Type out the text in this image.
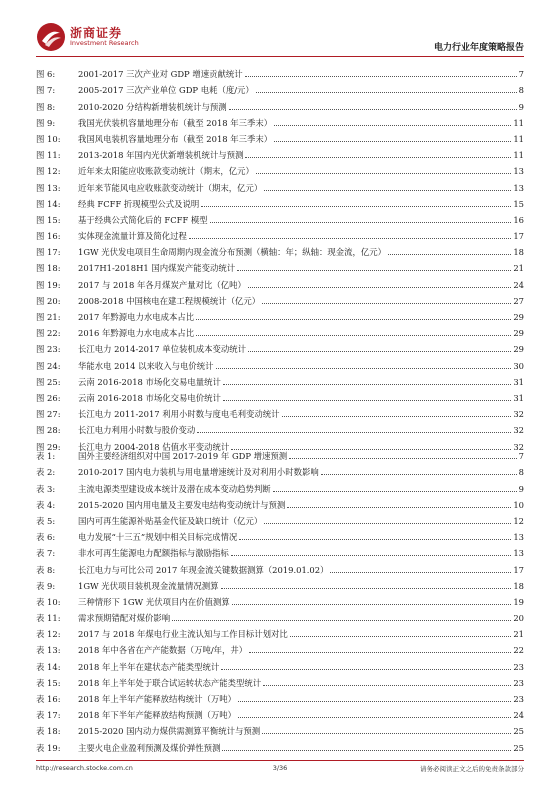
浙商证券
Investment Research	电力行业年度策略报告
图 6:	2001-2017 三次产业对 GDP 增速贡献统计	7
图 7:	2005-2017 三次产业单位 GDP 电耗（度/元）	8
图 8:	2010-2020 分结构新增装机统计与预测	9
图 9:	我国光伏装机容量地理分布（截至 2018 年三季末）	11
图 10:	我国风电装机容量地理分布（截至 2018 年三季末）	11
图 11:	2013-2018 年国内光伏新增装机统计与预测	11
图 12:	近年来太阳能应收账款变动统计（期末，亿元）	13
图 13:	近年来节能风电应收账款变动统计（期末，亿元）	13
图 14:	经典 FCFF 折现模型公式及说明	15
图 15:	基于经典公式简化后的 FCFF 模型	16
图 16:	实体现金流量计算及简化过程	17
图 17:	1GW 光伏发电项目生命周期内现金流分布预测（横轴：年；纵轴：现金流，亿元）	18
图 18:	2017H1-2018H1 国内煤炭产能变动统计	21
图 19:	2017 与 2018 年各月煤炭产量对比（亿吨）	24
图 20:	2008-2018 中国核电在建工程规模统计（亿元）	27
图 21:	2017 年黔源电力水电成本占比	29
图 22:	2016 年黔源电力水电成本占比	29
图 23:	长江电力 2014-2017 单位装机成本变动统计	29
图 24:	华能水电 2014 以来收入与电价统计	30
图 25:	云南 2016-2018 市场化交易电量统计	31
图 26:	云南 2016-2018 市场化交易电价统计	31
图 27:	长江电力 2011-2017 利用小时数与度电毛利变动统计	32
图 28:	长江电力利用小时数与股价变动	32
图 29:	长江电力 2004-2018 估值水平变动统计	32
表 1:	国外主要经济组织对中国 2017-2019 年 GDP 增速预测	7
表 2:	2010-2017 国内电力装机与用电量增速统计及对利用小时数影响	8
表 3:	主流电源类型建设成本统计及潜在成本变动趋势判断	9
表 4:	2015-2020 国内用电量及主要发电结构变动统计与预测	10
表 5:	国内可再生能源补贴基金代征及缺口统计（亿元）	12
表 6:	电力发展“十三五”规划中相关目标完成情况	13
表 7:	非水可再生能源电力配额指标与激励指标	13
表 8:	长江电力与可比公司 2017 年现金流关键数据测算（2019.01.02）	17
表 9:	1GW 光伏项目装机现金流量情况测算	18
表 10:	三种情形下 1GW 光伏项目内在价值测算	19
表 11:	需求预期错配对煤价影响	20
表 12:	2017 与 2018 年煤电行业主流认知与工作目标计划对比	21
表 13:	2018 年中各省在产产能数据（万吨/年，井）	22
表 14:	2018 年上半年在建状态产能类型统计	23
表 15:	2018 年上半年处于联合试运转状态产能类型统计	23
表 16:	2018 年上半年产能释放结构统计（万吨）	23
表 17:	2018 年下半年产能释放结构预测（万吨）	24
表 18:	2015-2020 国内动力煤供需测算平衡统计与预测	25
表 19:	主要火电企业盈利预测及煤价弹性预测	25
http://research.stocke.com.cn	3/36	请务必阅读正文之后的免责条款部分
